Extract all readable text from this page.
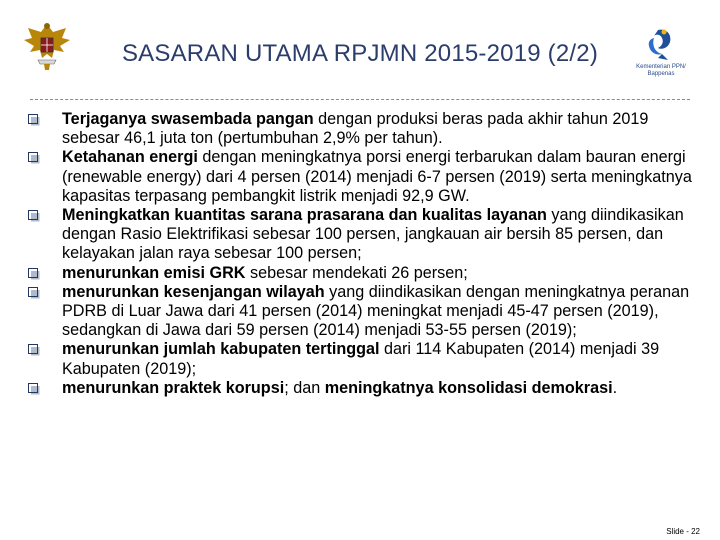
SASARAN UTAMA RPJMN 2015-2019 (2/2)	Kementerian PPN/
Bappenas

Terjaganya swasembada pangan dengan produksi beras pada akhir tahun 2019 sebesar 46,1 juta ton (pertumbuhan 2,9% per tahun).

Ketahanan energi dengan meningkatnya porsi energi terbarukan dalam bauran energi (renewable energy) dari 4 persen (2014) menjadi 6-7 persen (2019) serta meningkatnya kapasitas terpasang pembangkit listrik menjadi 92,9 GW.

Meningkatkan kuantitas sarana prasarana dan kualitas layanan yang diindikasikan dengan Rasio Elektrifikasi sebesar 100 persen, jangkauan air bersih 85 persen, dan kelayakan jalan raya sebesar 100 persen;

menurunkan emisi GRK sebesar mendekati 26 persen;

menurunkan kesenjangan wilayah yang diindikasikan dengan meningkatnya peranan PDRB di Luar Jawa dari 41 persen (2014) meningkat menjadi 45-47 persen (2019), sedangkan di Jawa dari 59 persen (2014) menjadi 53-55 persen (2019);

menurunkan jumlah kabupaten tertinggal dari 114 Kabupaten (2014) menjadi 39 Kabupaten (2019);

menurunkan praktek korupsi; dan meningkatnya konsolidasi demokrasi.

Slide - 22
